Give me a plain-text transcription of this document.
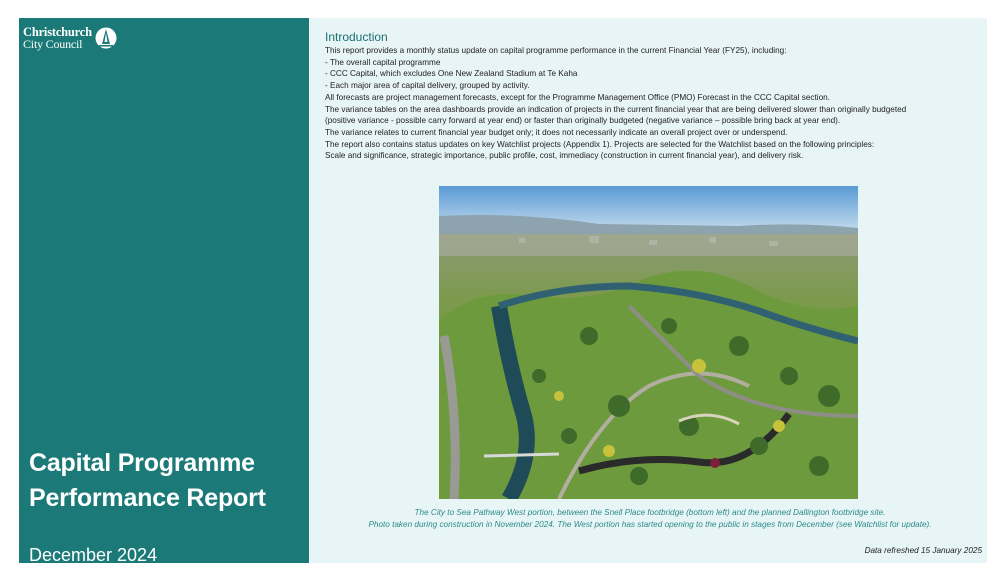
Christchurch
City Council
Capital Programme
Performance Report
December 2024
Introduction

This report provides a monthly status update on capital programme performance in the current Financial Year (FY25), including:

- The overall capital programme

- CCC Capital, which excludes One New Zealand Stadium at Te Kaha

- Each major area of capital delivery, grouped by activity.

All forecasts are project management forecasts, except for the Programme Management Office (PMO) Forecast in the CCC Capital section.

The variance tables on the area dashboards provide an indication of projects in the current financial year that are being delivered slower than originally budgeted

(positive variance - possible carry forward at year end) or faster than originally budgeted (negative variance – possible bring back at year end).

The variance relates to current financial year budget only; it does not necessarily indicate an overall project over or underspend.

The report also contains status updates on key Watchlist projects (Appendix 1). Projects are selected for the Watchlist based on the following principles:

Scale and significance, strategic importance, public profile, cost, immediacy (construction in current financial year), and delivery risk.

The City to Sea Pathway West portion, between the Snell Place footbridge (bottom left) and the planned Dallington footbridge site.
Photo taken during construction in November 2024. The West portion has started opening to the public in stages from December (see Watchlist for update).
Data refreshed 15 January 2025
